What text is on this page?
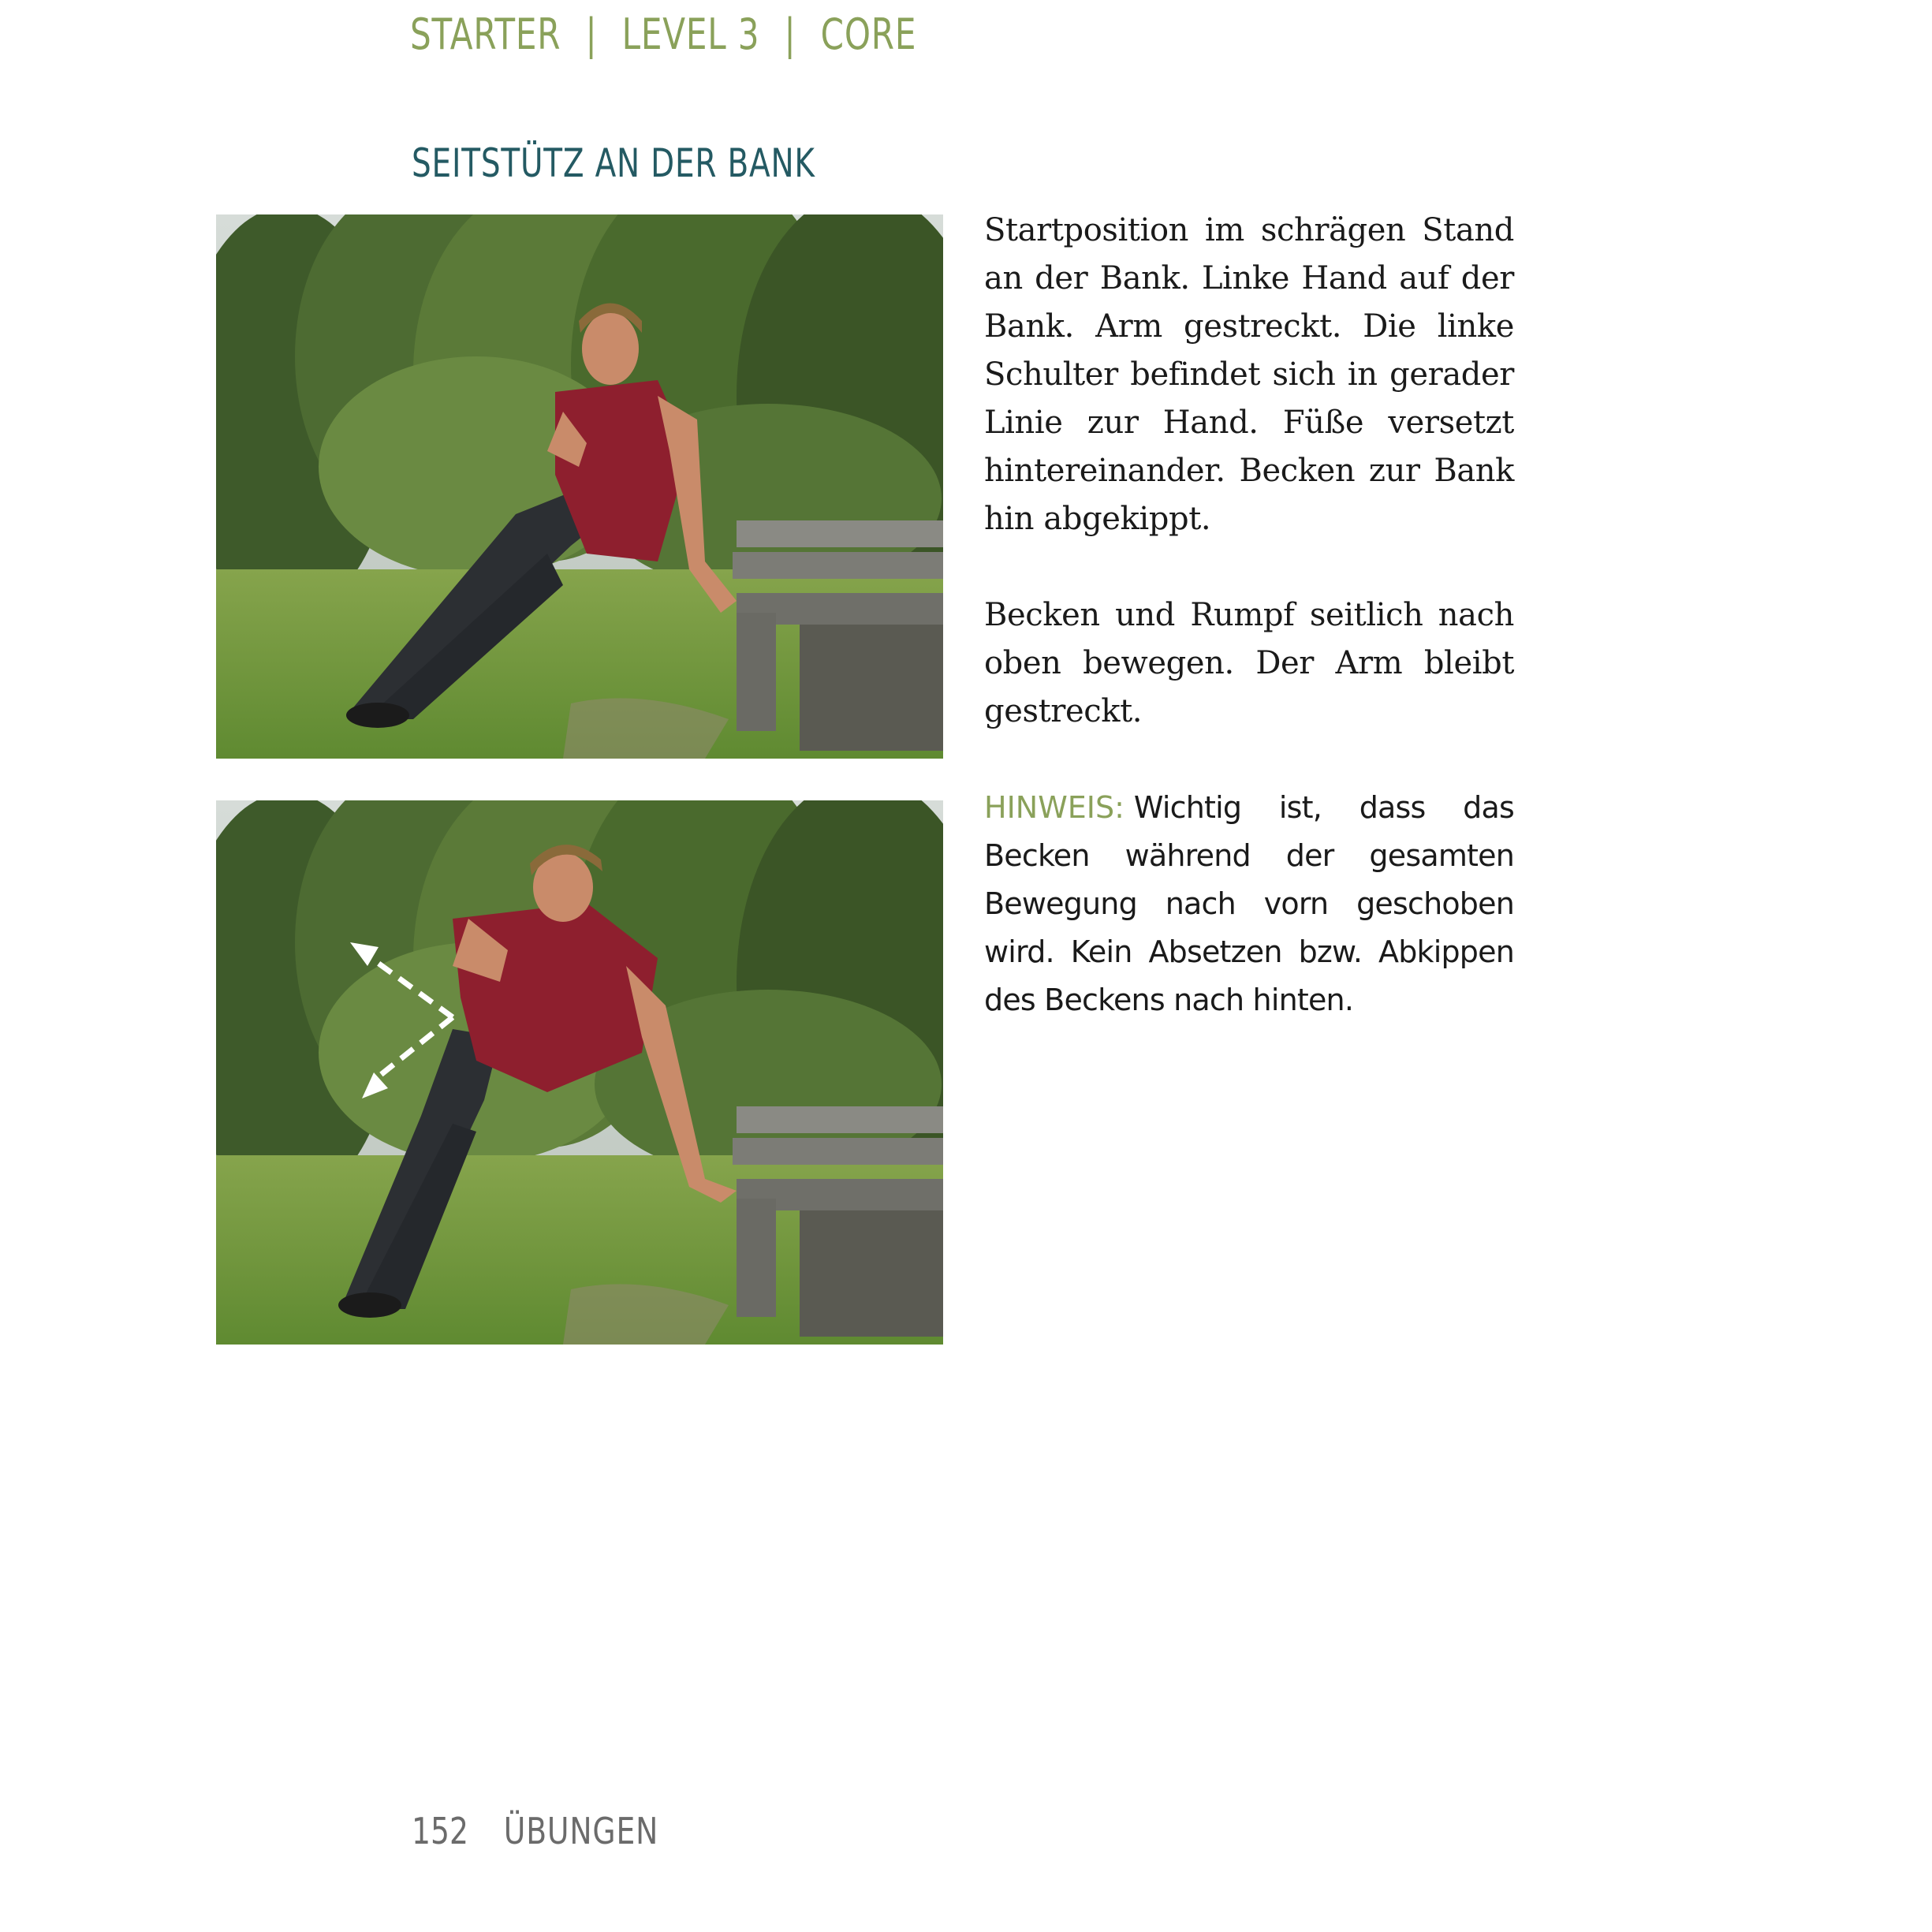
STARTER | LEVEL 3 | CORE
SEITSTÜTZ AN DER BANK

Startposition im schrägen Stand an der Bank. Linke Hand auf der Bank. Arm gestreckt. Die linke Schulter befindet sich in gerader Linie zur Hand. Füße versetzt hintereinander. Becken zur Bank hin abgekippt.

Becken und Rumpf seitlich nach oben bewegen. Der Arm bleibt gestreckt.

HINWEIS: Wichtig ist, dass das Becken während der gesamten Bewegung nach vorn geschoben wird. Kein Absetzen bzw. Abkippen des Beckens nach hinten.

152 ÜBUNGEN
